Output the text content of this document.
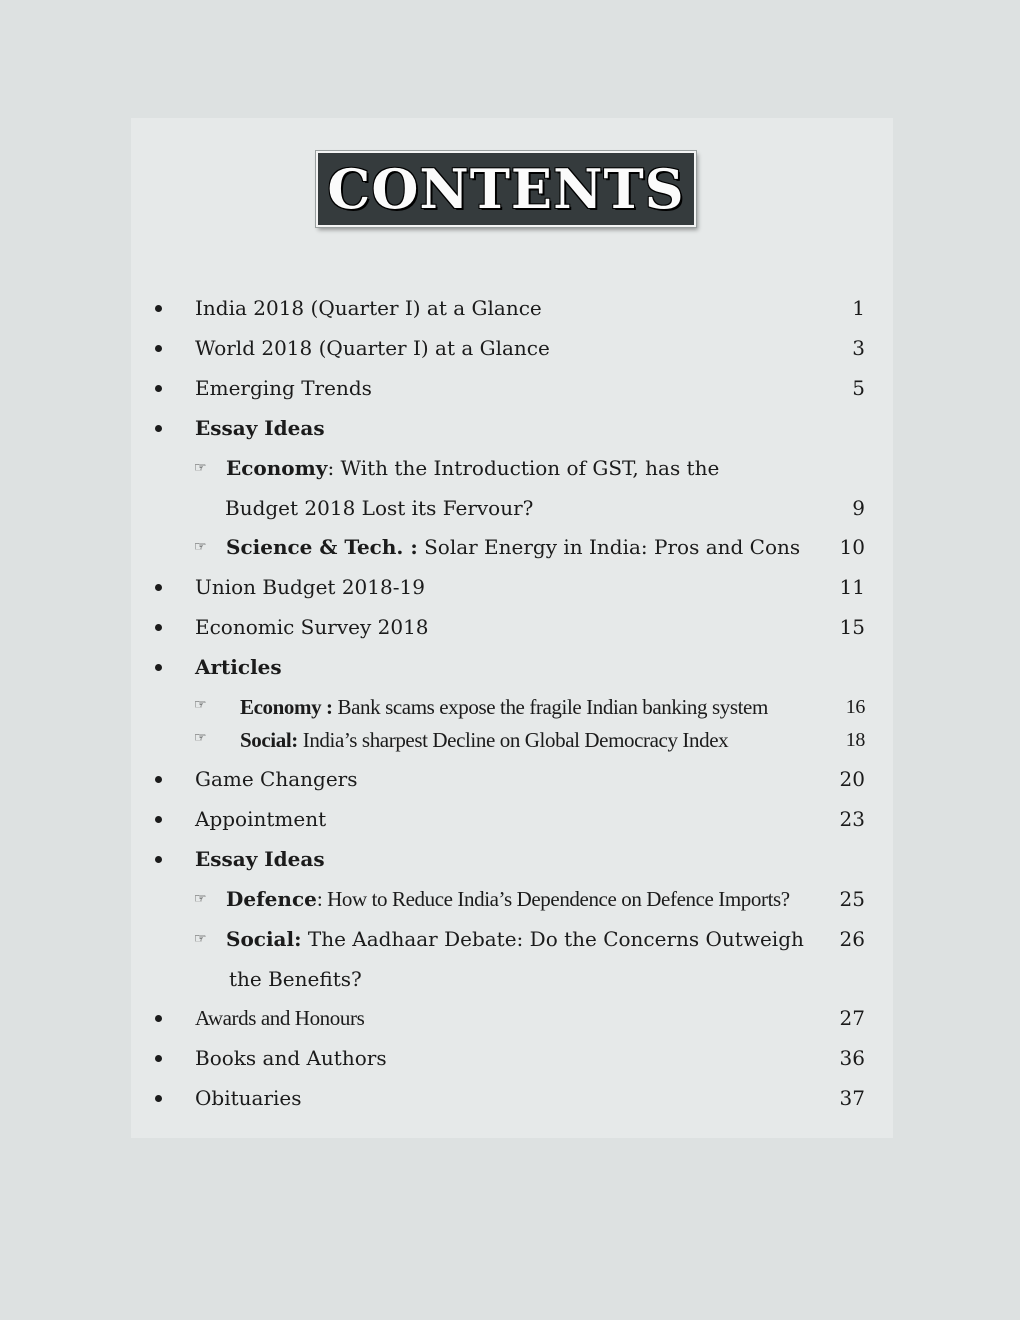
CONTENTS
India 2018 (Quarter I) at a Glance	1
World 2018 (Quarter I) at a Glance	3
Emerging Trends	5
Essay Ideas
☞ Economy: With the Introduction of GST, has the
Budget 2018 Lost its Fervour?	9
☞ Science & Tech. : Solar Energy in India: Pros and Cons 10
Union Budget 2018-19	11
Economic Survey 2018	15
Articles
☞ Economy : Bank scams expose the fragile Indian banking system	16
☞ Social: India’s sharpest Decline on Global Democracy Index	18
Game Changers	20
Appointment	23
Essay Ideas
☞ Defence: How to Reduce India’s Dependence on Defence Imports? 25
☞ Social: The Aadhaar Debate: Do the Concerns Outweigh 26
the Benefits?
Awards and Honours	27
Books and Authors	36
Obituaries	37
